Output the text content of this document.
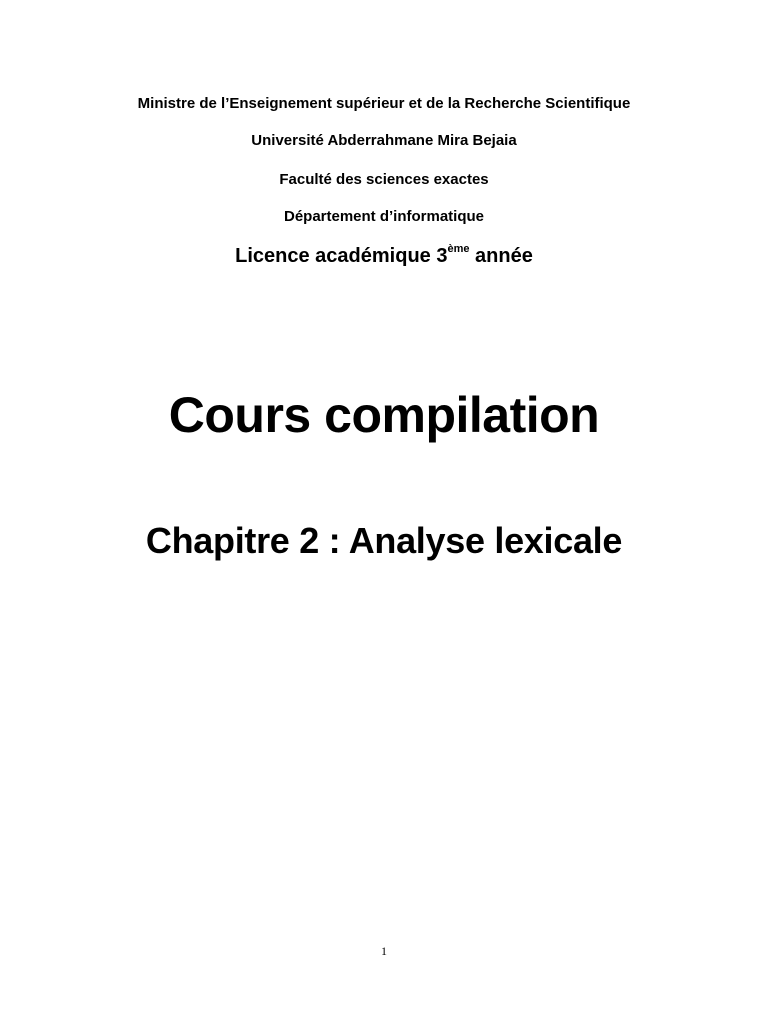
Ministre de l’Enseignement supérieur et de la Recherche Scientifique
Université Abderrahmane Mira Bejaia
Faculté des sciences exactes
Département d’informatique
Licence académique 3ème année
Cours compilation
Chapitre 2 : Analyse lexicale
1
